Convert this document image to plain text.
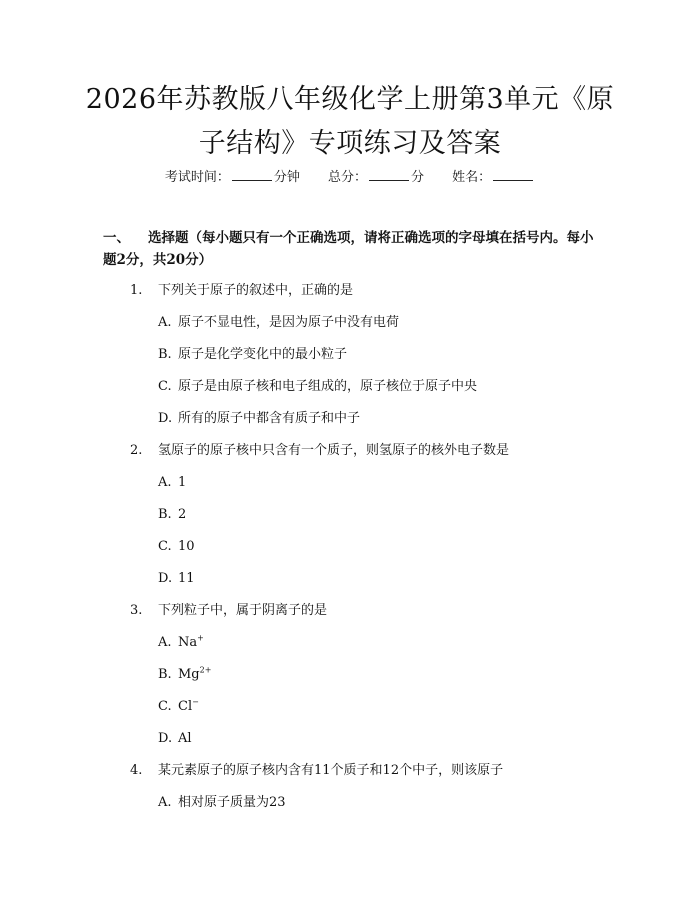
2026年苏教版八年级化学上册第3单元《原
子结构》专项练习及答案
考试时间：	分钟 总分：	分 姓名：
一、 选择题（每小题只有一个正确选项，请将正确选项的字母填在括号内。每小
题2分，共20分）
1. 下列关于原子的叙述中，正确的是
A. 原子不显电性，是因为原子中没有电荷
B. 原子是化学变化中的最小粒子
C. 原子是由原子核和电子组成的，原子核位于原子中央
D. 所有的原子中都含有质子和中子
2. 氢原子的原子核中只含有一个质子，则氢原子的核外电子数是
A. 1
B. 2
C. 10
D. 11
3. 下列粒子中，属于阴离子的是
A. Na+
B. $Mg^{2+}$
C. Cl−
D. Al
4. 某元素原子的原子核内含有11个质子和12个中子，则该原子
A. 相对原子质量为23
